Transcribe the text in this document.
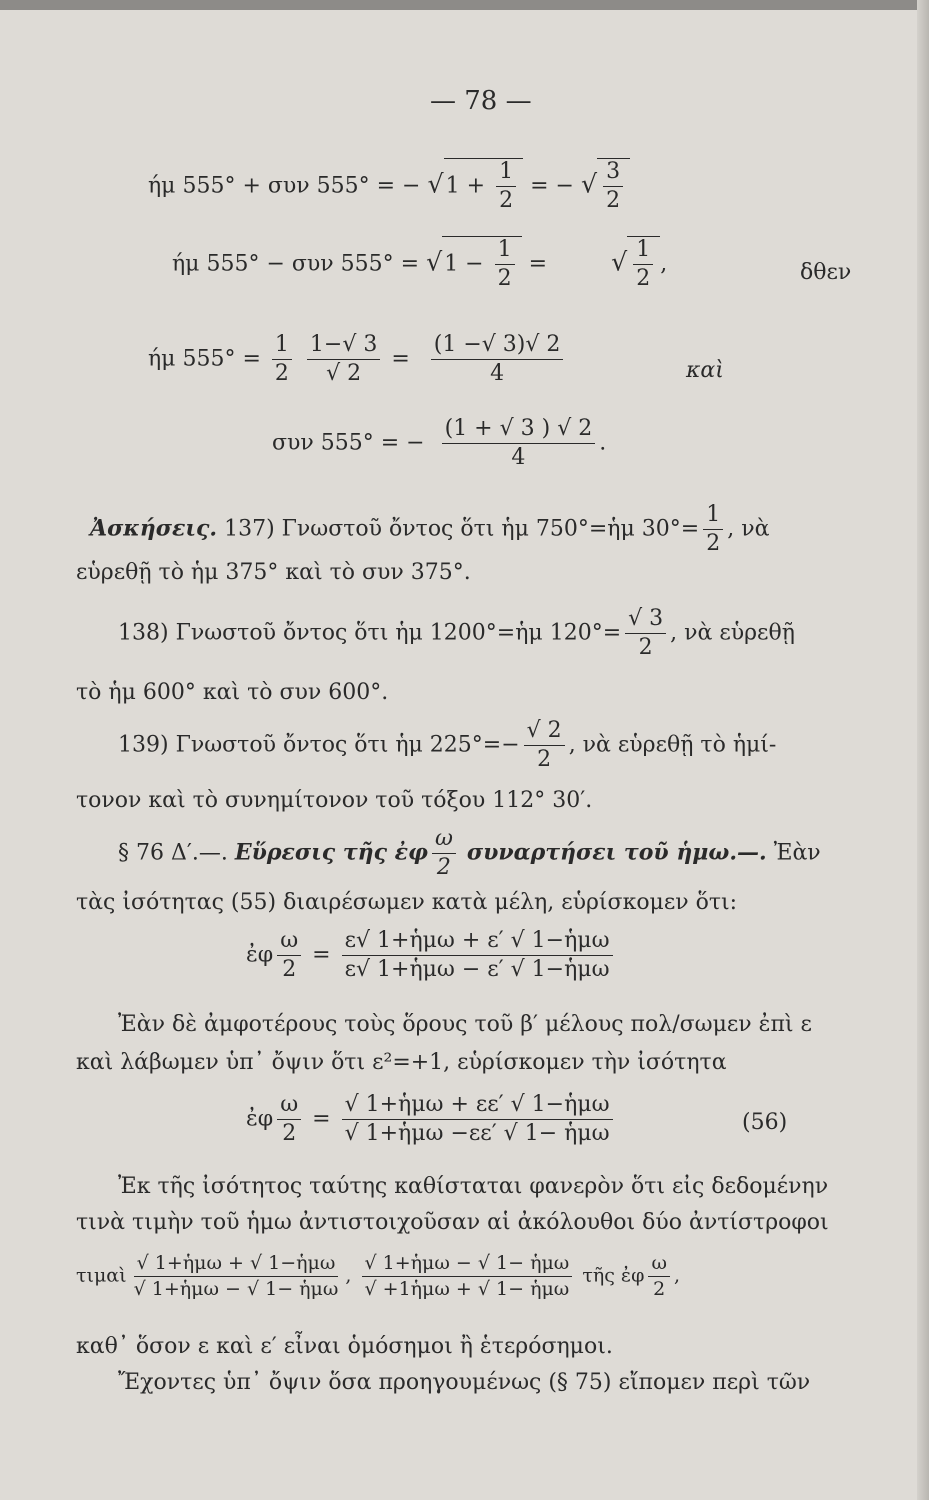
— 78 —
ήμ 555° + συν 555° = − $√1 + \frac{1}{2}$ = − √ $\frac{3}{2}$
ήμ 555° − συν $555^\circ = √1 - \frac{1}{2}$ =	√ $\frac{1}{2}$ ,	δθεν
ήμ $555^\circ = \frac{1}{2}$
$\frac{1-√ 3}{√ 2} = \frac{(1 -√ 3)√ 2}{4}$	καὶ
συν 555° = − $\frac{(1 + √ 3 ) √ 2}{4}$ .
Ἀσκήσεις. 137) Γνωστοῦ ὄντος ὅτι ἡμ 750°=ἡμ $30^\circ= \frac{1}{2}$ , νὰ
εὑρεθῇ τὸ ἡμ 375° καὶ τὸ συν 375°.
138) Γνωστοῦ ὄντος ὅτι ἡμ 1200°=ἡμ $120^\circ= \frac{√ 3}{2}$ , νὰ εὑρεθῇ
τὸ ἡμ 600° καὶ τὸ συν 600°.
139) Γνωστοῦ ὄντος ὅτι ἡμ $225^\circ=- \frac{√ 2}{2}$ , νὰ εὑρεθῇ τὸ ἡμί-
τονον καὶ τὸ συνημίτονον τοῦ τόξου 112° 30′.
§ 76 Δ′.—. Εὕρεσις τῆς ἐφ $\frac{\omega}{2}$ συναρτήσει τοῦ ἡμω.—. Ἐὰν
τὰς ἰσότητας (55) διαιρέσωμεν κατὰ μέλη, εὑρίσκομεν ὅτι:
ἐφ $\frac{\omega}{2} = \frac{\text{ε√ 1+ἡμω + ε′ √ 1−ἡμω}}{\text{ε√ 1+ἡμω − ε′ √ 1−ἡμω}}$
Ἐὰν δὲ ἀμφοτέρους τοὺς ὅρους τοῦ β′ μέλους πολ/σωμεν ἐπὶ ε
καὶ λάβωμεν ὑπ᾽ ὄψιν ὅτι ε²=+1, εὑρίσκομεν τὴν ἰσότητα
ἐφ $\frac{\omega}{2} = \frac{\text{√ 1+ἡμω + εε′ √ 1−ἡμω}}{\text{√ 1+ἡμω −εε′ √ 1− ἡμω}}$	(56)
Ἐκ τῆς ἰσότητος ταύτης καθίσταται φανερὸν ὅτι εἰς δεδομένην
τινὰ τιμὴν τοῦ ἡμω ἀντιστοιχοῦσαν αἱ ἀκόλουθοι δύο ἀντίστροφοι
τιμαὶ $\frac{\text{√ 1+ἡμω + √ 1−ἡμω}}{\text{√ 1+ἡμω − √ 1− ἡμω}}$ , $\frac{\text{√ 1+ἡμω − √ 1− ἡμω}}{\text{√ +1ἡμω + √ 1− ἡμω}}$ τῆς ἐφ $\frac{\omega}{2}$ ,
καθ᾽ ὅσον ε καὶ ε′ εἶναι ὁμόσημοι ἢ ἑτερόσημοι.
Ἔχοντες ὑπ᾽ ὄψιν ὅσα προηγουμένως (§ 75) εἴπομεν περὶ τῶν
